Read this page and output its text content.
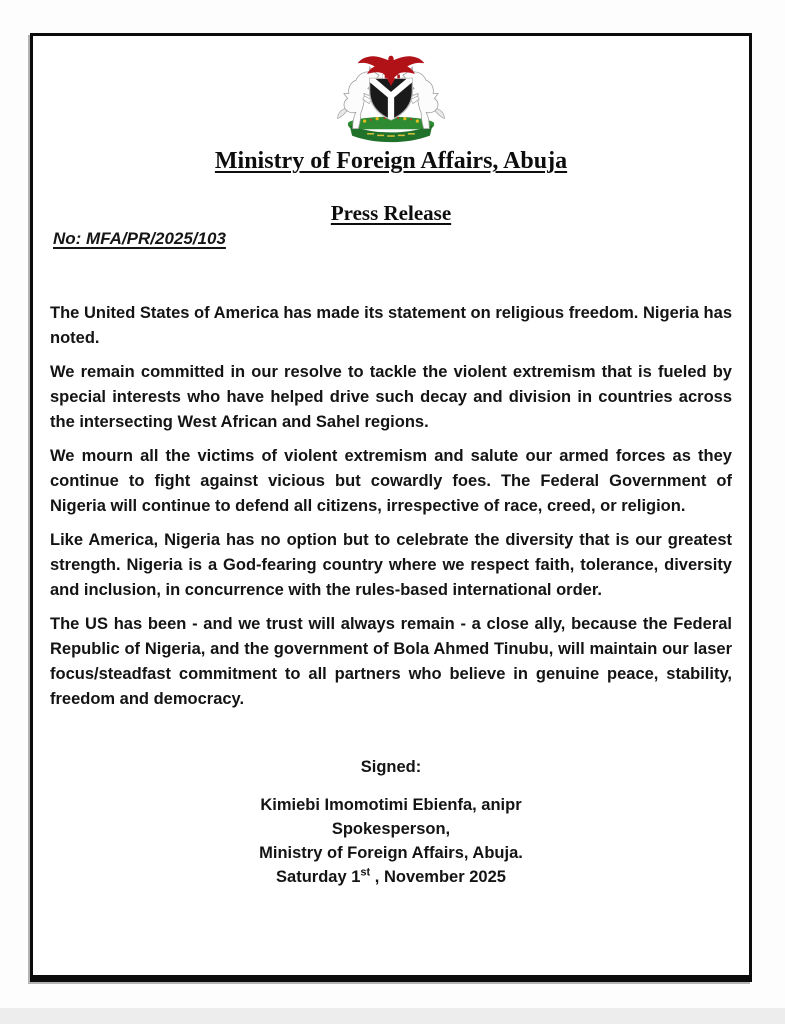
Ministry of Foreign Affairs, Abuja
Press Release
No: MFA/PR/2025/103

The United States of America has made its statement on religious freedom. Nigeria has noted.

We remain committed in our resolve to tackle the violent extremism that is fueled by special interests who have helped drive such decay and division in countries across the intersecting West African and Sahel regions.

We mourn all the victims of violent extremism and salute our armed forces as they continue to fight against vicious but cowardly foes. The Federal Government of Nigeria will continue to defend all citizens, irrespective of race, creed, or religion.

Like America, Nigeria has no option but to celebrate the diversity that is our greatest strength. Nigeria is a God-fearing country where we respect faith, tolerance, diversity and inclusion, in concurrence with the rules-based international order.

The US has been - and we trust will always remain - a close ally, because the Federal Republic of Nigeria, and the government of Bola Ahmed Tinubu, will maintain our laser focus/steadfast commitment to all partners who believe in genuine peace, stability, freedom and democracy.

Signed:
Kimiebi Imomotimi Ebienfa, anipr
Spokesperson,
Ministry of Foreign Affairs, Abuja.
Saturday 1st , November 2025
